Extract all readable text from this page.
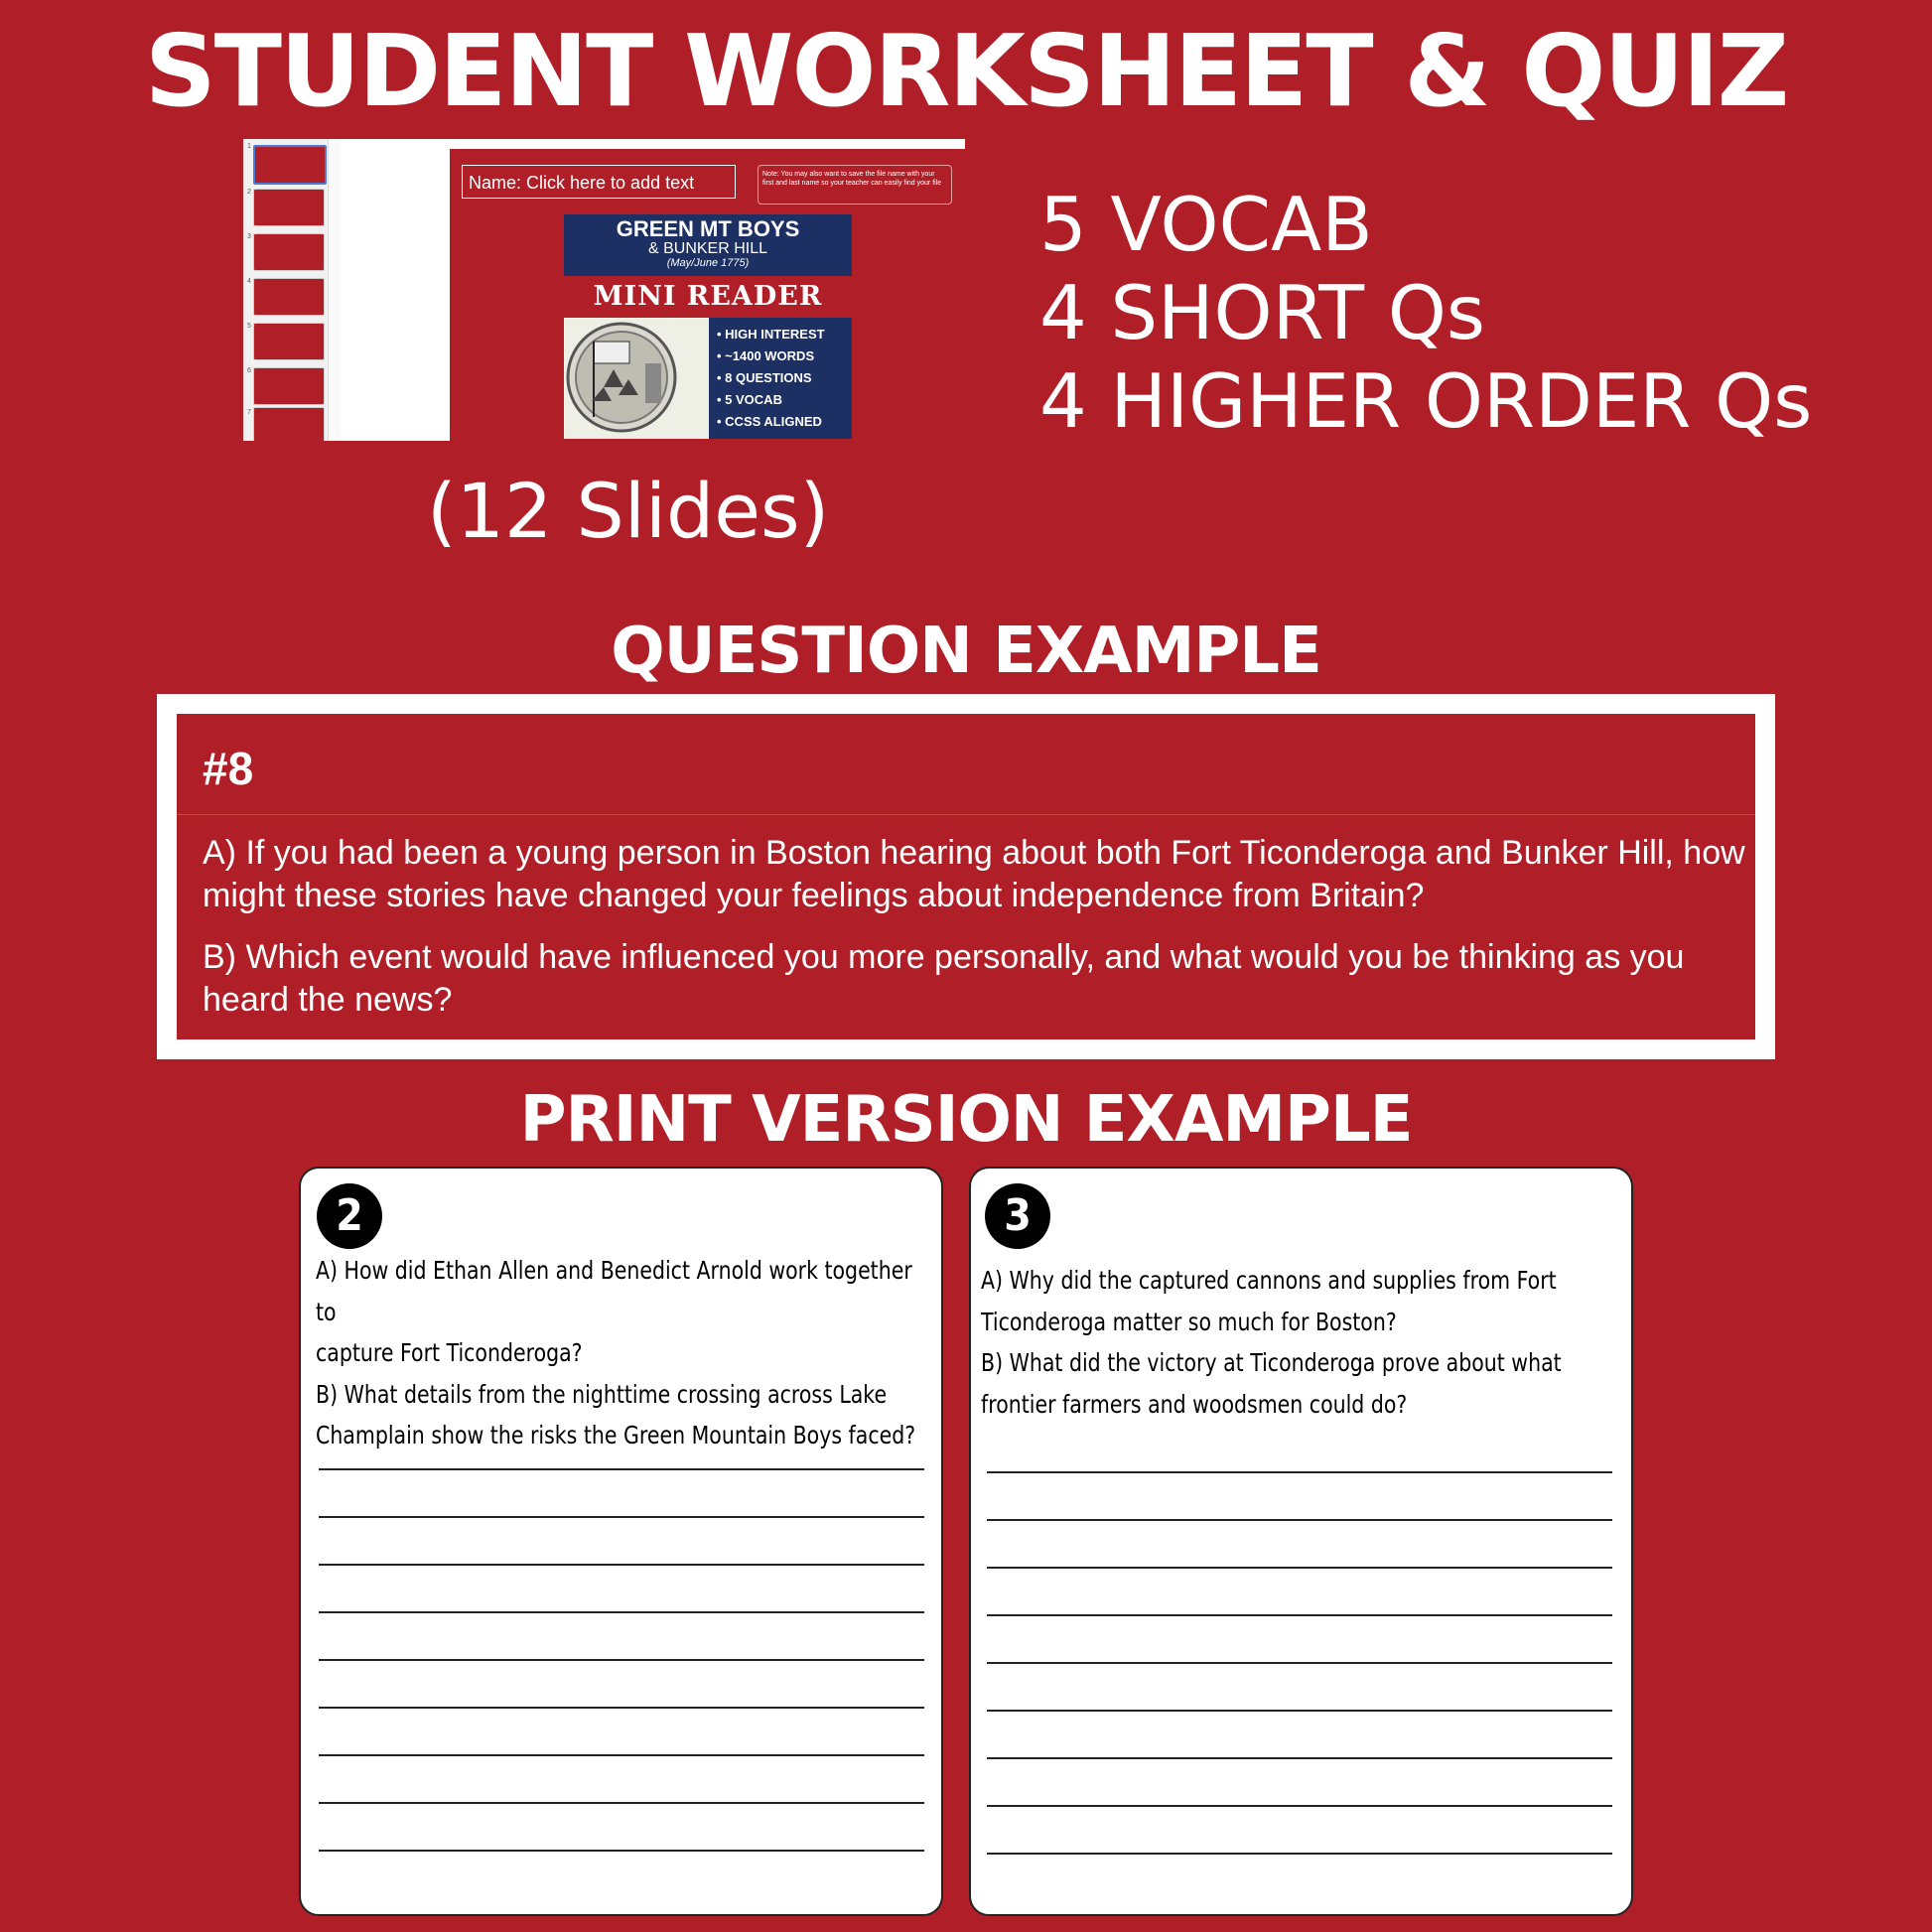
STUDENT WORKSHEET & QUIZ
1
2
3
4
5
6
7
Name: Click here to add text	Note: You may also want to save the file name with your first and last name so your teacher can easily find your file
GREEN MT BOYS
& BUNKER HILL
(May/June 1775)
MINI READER
• HIGH INTEREST
• ~1400 WORDS
• 8 QUESTIONS
• 5 VOCAB
• CCSS ALIGNED
5 VOCAB
4 SHORT Qs
4 HIGHER ORDER Qs
(12 Slides)
QUESTION EXAMPLE
#8
A) If you had been a young person in Boston hearing about both Fort Ticonderoga and Bunker Hill, how might these stories have changed your feelings about independence from Britain?
B) Which event would have influenced you more personally, and what would you be thinking as you heard the news?
PRINT VERSION EXAMPLE
2
A) How did Ethan Allen and Benedict Arnold work together to
capture Fort Ticonderoga?
B) What details from the nighttime crossing across Lake
Champlain show the risks the Green Mountain Boys faced?
3
A) Why did the captured cannons and supplies from Fort
Ticonderoga matter so much for Boston?
B) What did the victory at Ticonderoga prove about what
frontier farmers and woodsmen could do?
